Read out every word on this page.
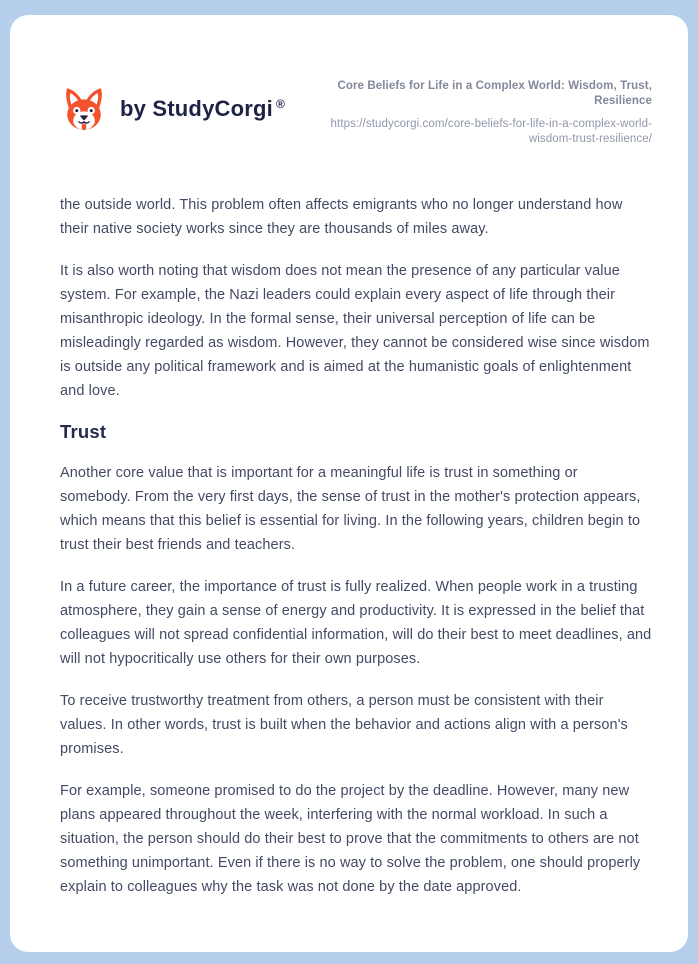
by StudyCorgi ®
Core Beliefs for Life in a Complex World: Wisdom, Trust, Resilience
https://studycorgi.com/core-beliefs-for-life-in-a-complex-world-wisdom-trust-resilience/

the outside world. This problem often affects emigrants who no longer understand how their native society works since they are thousands of miles away.

It is also worth noting that wisdom does not mean the presence of any particular value system. For example, the Nazi leaders could explain every aspect of life through their misanthropic ideology. In the formal sense, their universal perception of life can be misleadingly regarded as wisdom. However, they cannot be considered wise since wisdom is outside any political framework and is aimed at the humanistic goals of enlightenment and love.

Trust

Another core value that is important for a meaningful life is trust in something or somebody. From the very first days, the sense of trust in the mother's protection appears, which means that this belief is essential for living. In the following years, children begin to trust their best friends and teachers.

In a future career, the importance of trust is fully realized. When people work in a trusting atmosphere, they gain a sense of energy and productivity. It is expressed in the belief that colleagues will not spread confidential information, will do their best to meet deadlines, and will not hypocritically use others for their own purposes.

To receive trustworthy treatment from others, a person must be consistent with their values. In other words, trust is built when the behavior and actions align with a person's promises.

For example, someone promised to do the project by the deadline. However, many new plans appeared throughout the week, interfering with the normal workload. In such a situation, the person should do their best to prove that the commitments to others are not something unimportant. Even if there is no way to solve the problem, one should properly explain to colleagues why the task was not done by the date approved.
